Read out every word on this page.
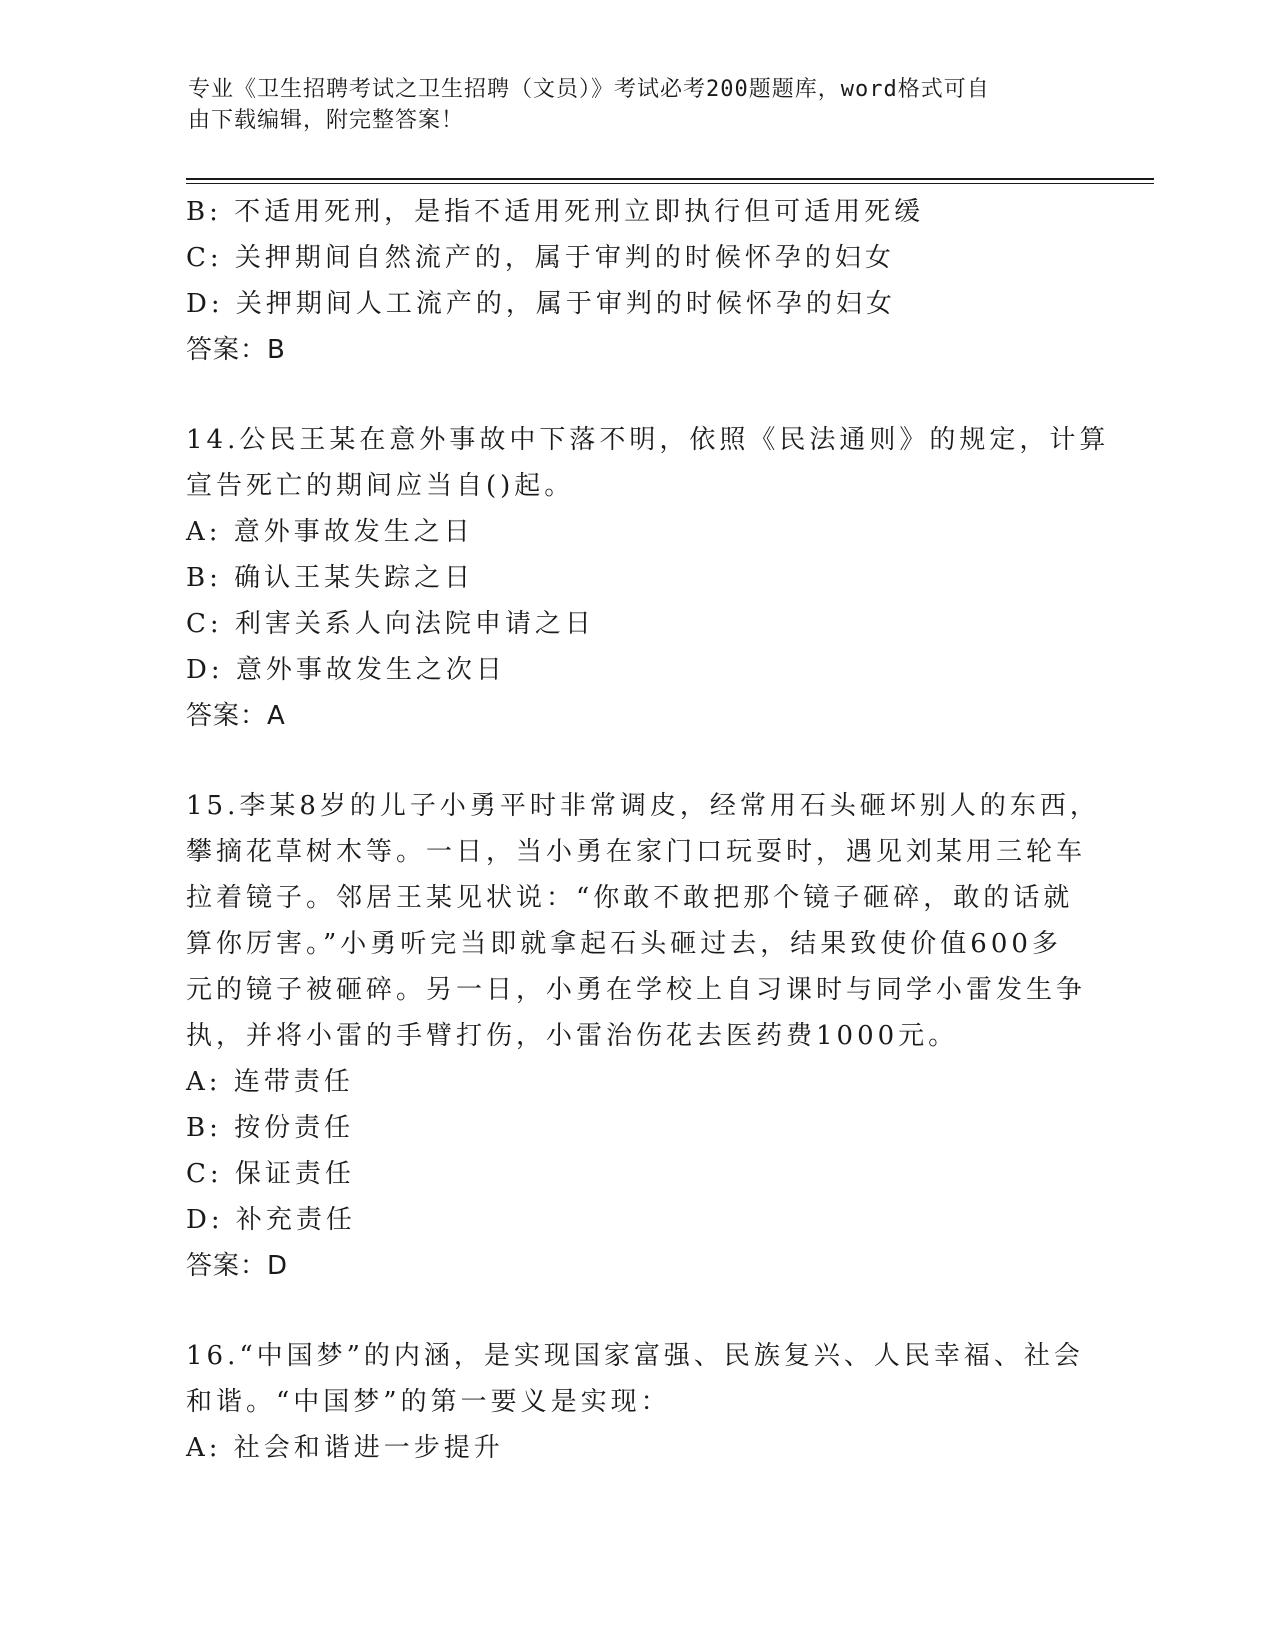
专业《卫生招聘考试之卫生招聘（文员）》考试必考200题题库，word格式可自
由下载编辑，附完整答案！
B: 不适用死刑，是指不适用死刑立即执行但可适用死缓
C: 关押期间自然流产的，属于审判的时候怀孕的妇女
D: 关押期间人工流产的，属于审判的时候怀孕的妇女
答案：B
14.公民王某在意外事故中下落不明，依照《民法通则》的规定，计算
宣告死亡的期间应当自()起。
A: 意外事故发生之日
B: 确认王某失踪之日
C: 利害关系人向法院申请之日
D: 意外事故发生之次日
答案：A
15.李某8岁的儿子小勇平时非常调皮，经常用石头砸坏别人的东西，
攀摘花草树木等。一日，当小勇在家门口玩耍时，遇见刘某用三轮车
拉着镜子。邻居王某见状说：“你敢不敢把那个镜子砸碎，敢的话就
算你厉害。”小勇听完当即就拿起石头砸过去，结果致使价值600多
元的镜子被砸碎。另一日，小勇在学校上自习课时与同学小雷发生争
执，并将小雷的手臂打伤，小雷治伤花去医药费1000元。
A: 连带责任
B: 按份责任
C: 保证责任
D: 补充责任
答案：D
16.“中国梦”的内涵，是实现国家富强、民族复兴、人民幸福、社会
和谐。“中国梦”的第一要义是实现：
A: 社会和谐进一步提升
